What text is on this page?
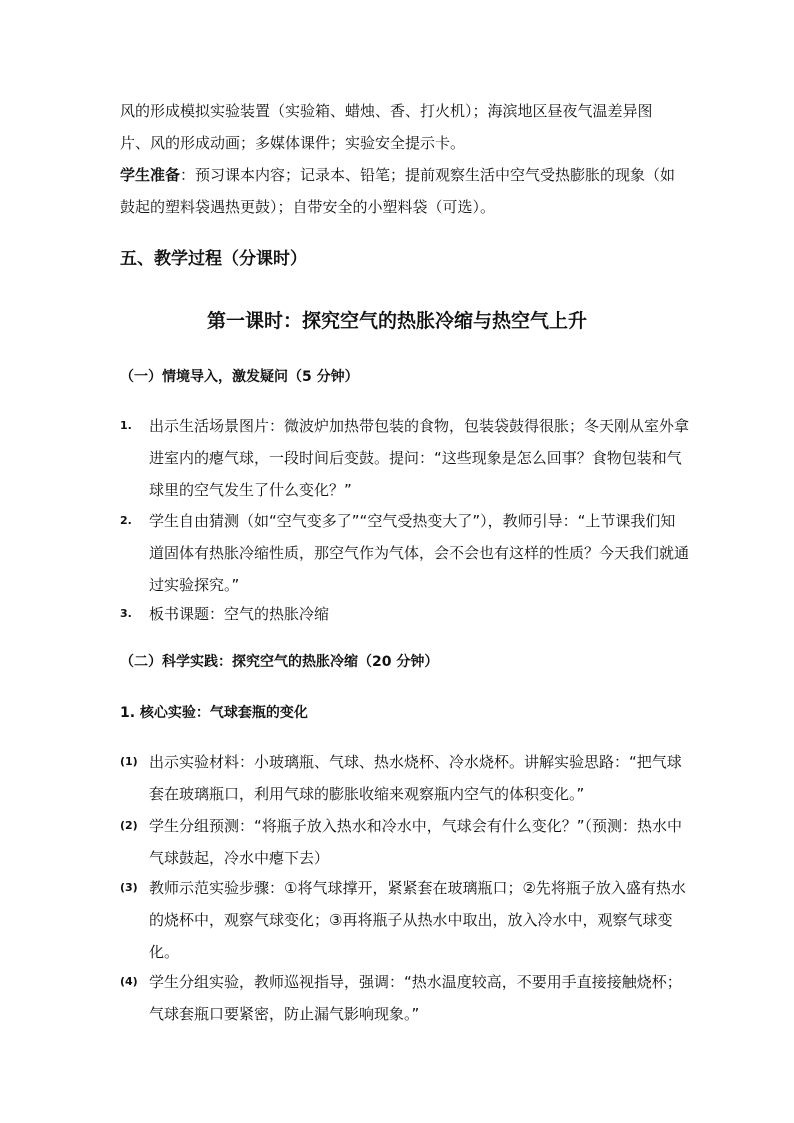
风的形成模拟实验装置（实验箱、蜡烛、香、打火机）；海滨地区昼夜气温差异图片、风的形成动画；多媒体课件；实验安全提示卡。

学生准备：预习课本内容；记录本、铅笔；提前观察生活中空气受热膨胀的现象（如鼓起的塑料袋遇热更鼓）；自带安全的小塑料袋（可选）。

五、教学过程（分课时）
第一课时：探究空气的热胀冷缩与热空气上升
（一）情境导入，激发疑问（5 分钟）
1. 出示生活场景图片：微波炉加热带包装的食物，包装袋鼓得很胀；冬天刚从室外拿进室内的瘪气球，一段时间后变鼓。提问：“这些现象是怎么回事？食物包装和气球里的空气发生了什么变化？”
2. 学生自由猜测（如“空气变多了”“空气受热变大了”），教师引导：“上节课我们知道固体有热胀冷缩性质，那空气作为气体，会不会也有这样的性质？今天我们就通过实验探究。”
3. 板书课题：空气的热胀冷缩
（二）科学实践：探究空气的热胀冷缩（20 分钟）
1. 核心实验：气球套瓶的变化
(1) 出示实验材料：小玻璃瓶、气球、热水烧杯、冷水烧杯。讲解实验思路：“把气球套在玻璃瓶口，利用气球的膨胀收缩来观察瓶内空气的体积变化。”
(2) 学生分组预测：“将瓶子放入热水和冷水中，气球会有什么变化？”（预测：热水中气球鼓起，冷水中瘪下去）
(3) 教师示范实验步骤：①将气球撑开，紧紧套在玻璃瓶口；②先将瓶子放入盛有热水的烧杯中，观察气球变化；③再将瓶子从热水中取出，放入冷水中，观察气球变化。
(4) 学生分组实验，教师巡视指导，强调：“热水温度较高，不要用手直接接触烧杯；气球套瓶口要紧密，防止漏气影响现象。”
